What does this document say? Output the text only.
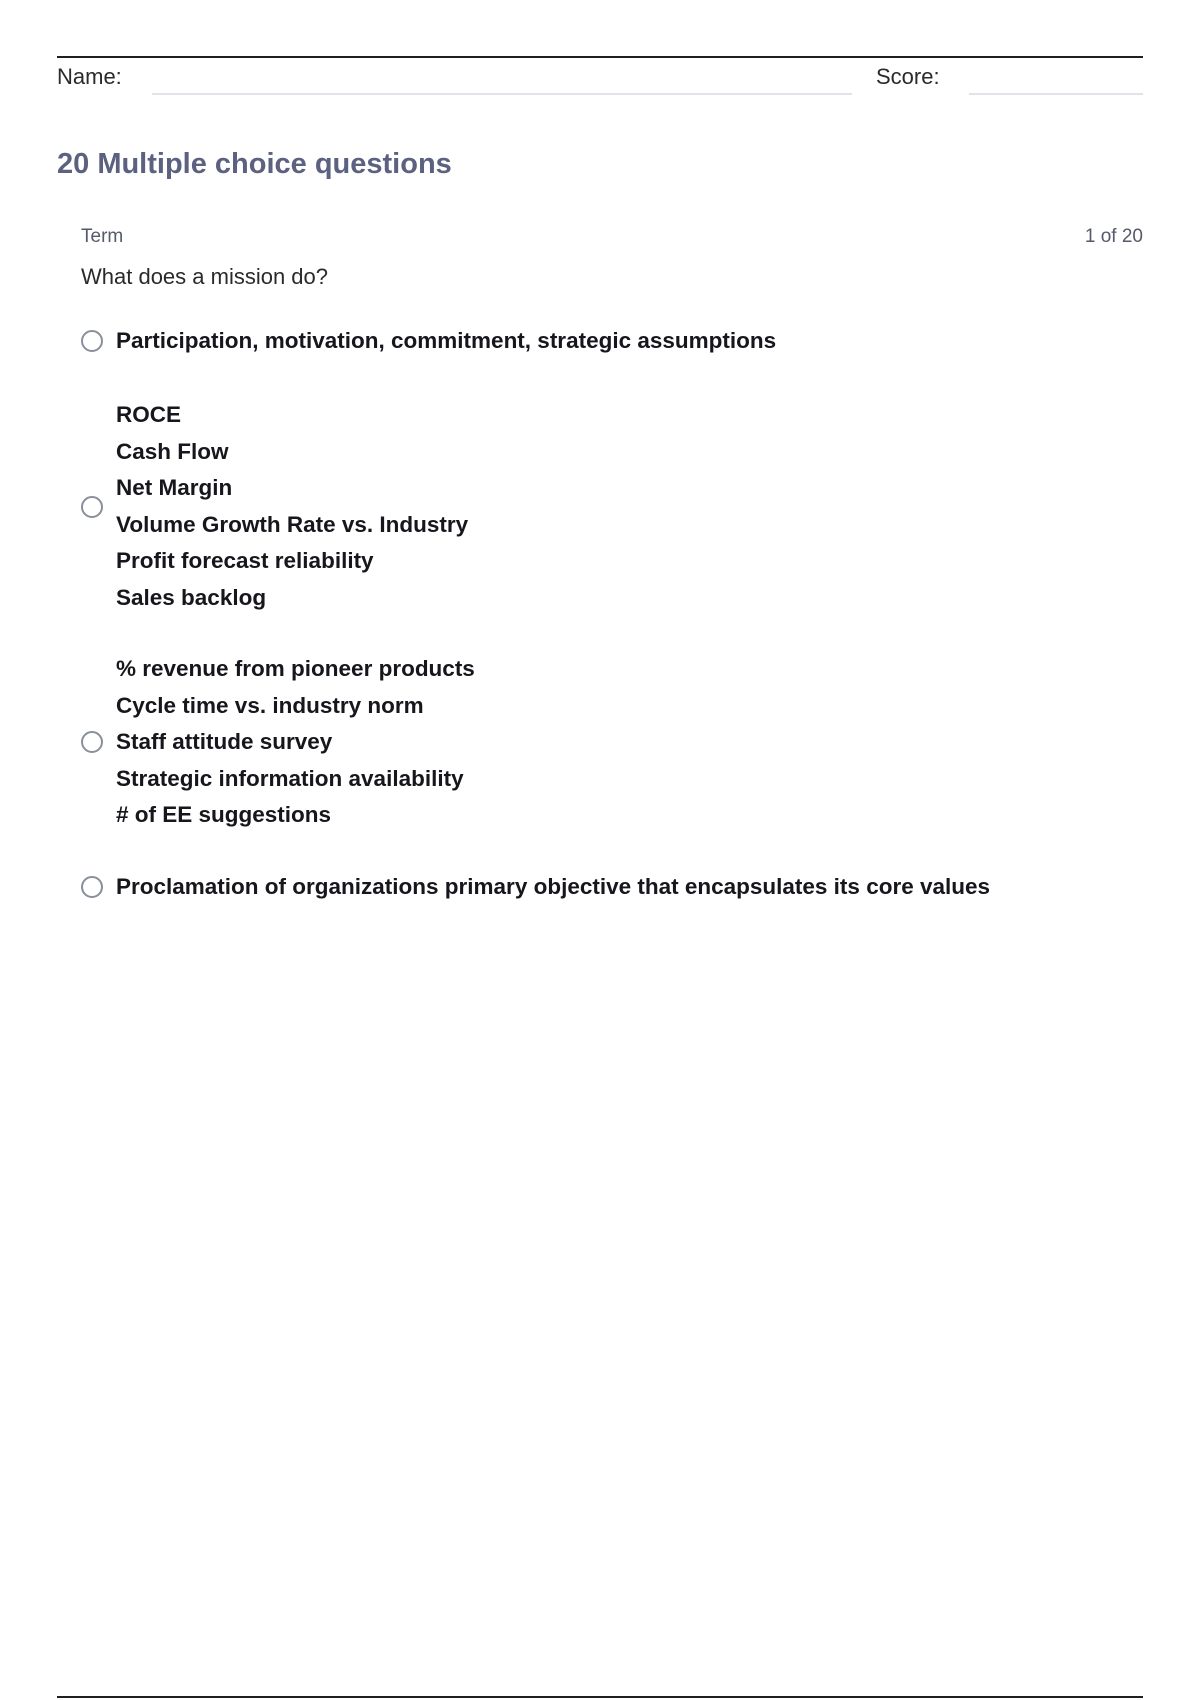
Name:	Score:
20 Multiple choice questions
Term	1 of 20
What does a mission do?
Participation, motivation, commitment, strategic assumptions
ROCE
Cash Flow
Net Margin
Volume Growth Rate vs. Industry
Profit forecast reliability
Sales backlog
% revenue from pioneer products
Cycle time vs. industry norm
Staff attitude survey
Strategic information availability
# of EE suggestions
Proclamation of organizations primary objective that encapsulates its core values
